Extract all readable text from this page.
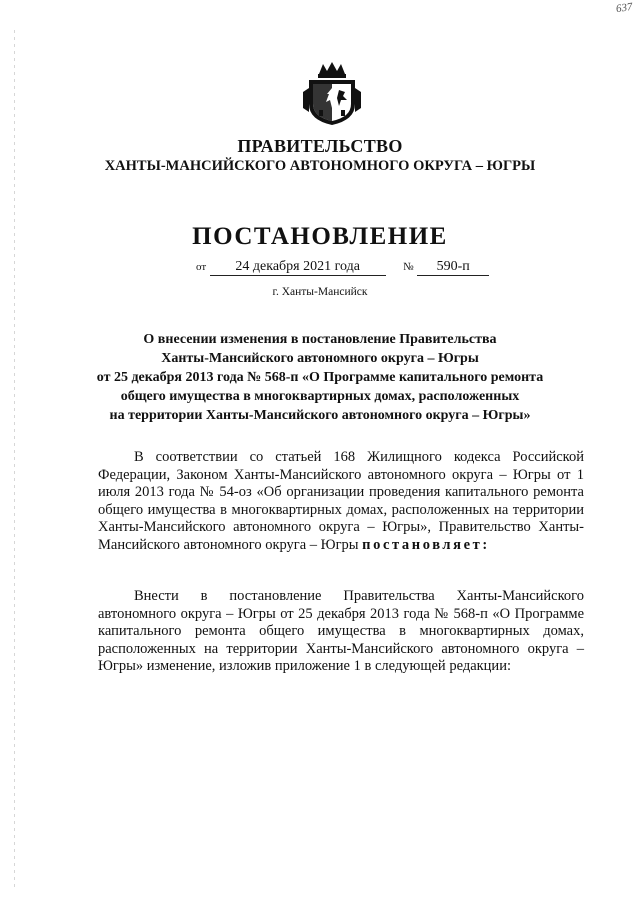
637
ПРАВИТЕЛЬСТВО
ХАНТЫ-МАНСИЙСКОГО АВТОНОМНОГО ОКРУГА – ЮГРЫ
ПОСТАНОВЛЕНИЕ
от 24 декабря 2021 года	№ 590-п
г. Ханты-Мансийск
О внесении изменения в постановление Правительства
Ханты-Мансийского автономного округа – Югры
от 25 декабря 2013 года № 568-п «О Программе капитального ремонта
общего имущества в многоквартирных домах, расположенных
на территории Ханты-Мансийского автономного округа – Югры»

В соответствии со статьей 168 Жилищного кодекса Российской Федерации, Законом Ханты-Мансийского автономного округа – Югры от 1 июля 2013 года № 54-оз «Об организации проведения капитального ремонта общего имущества в многоквартирных домах, расположенных на территории Ханты-Мансийского автономного округа – Югры», Правительство Ханты-Мансийского автономного округа – Югры постановляет:

Внести в постановление Правительства Ханты-Мансийского автономного округа – Югры от 25 декабря 2013 года № 568-п «О Программе капитального ремонта общего имущества в многоквартирных домах, расположенных на территории Ханты-Мансийского автономного округа – Югры» изменение, изложив приложение 1 в следующей редакции:
